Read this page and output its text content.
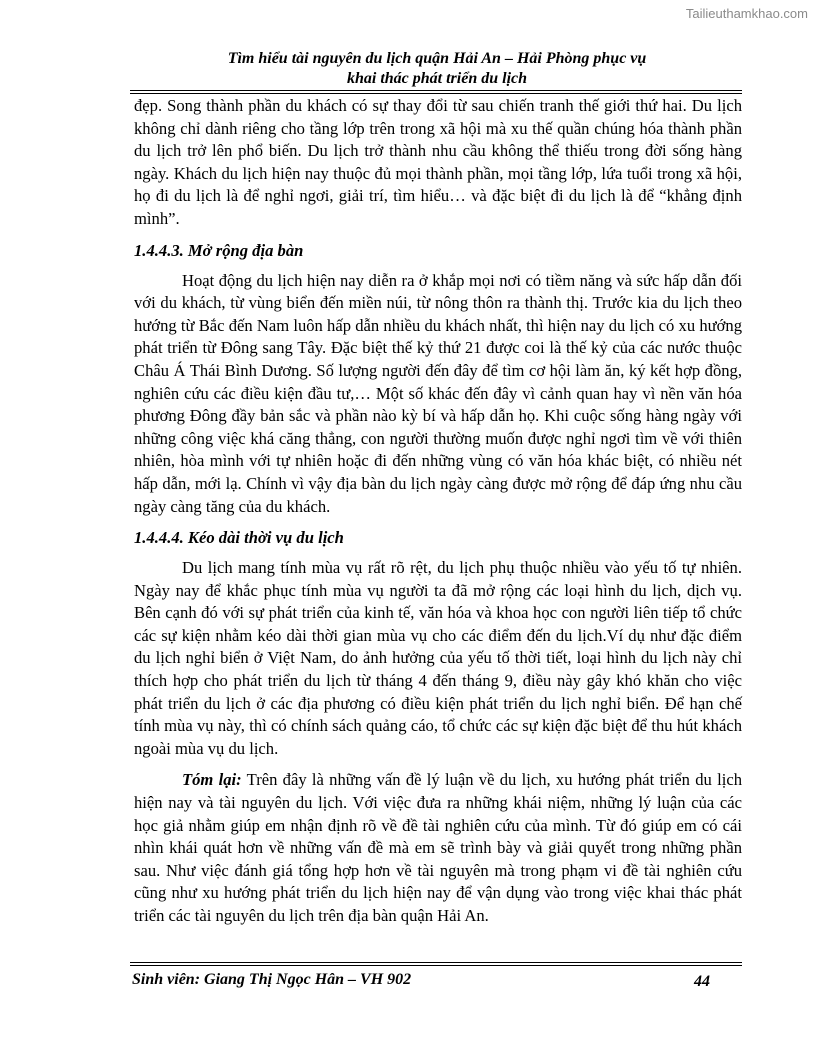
Tailieuthamkhao.com
Tìm hiểu tài nguyên du lịch quận Hải An – Hải Phòng phục vụ
khai thác phát triển du lịch

đẹp. Song thành phần du khách có sự thay đổi từ sau chiến tranh thế giới thứ hai. Du lịch không chỉ dành riêng cho tầng lớp trên trong xã hội mà xu thế quần chúng hóa thành phần du lịch trở lên phổ biến. Du lịch trở thành nhu cầu không thể thiếu trong đời sống hàng ngày. Khách du lịch hiện nay thuộc đủ mọi thành phần, mọi tầng lớp, lứa tuổi trong xã hội, họ đi du lịch là để nghỉ ngơi, giải trí, tìm hiểu… và đặc biệt đi du lịch là để “khẳng định mình”.

1.4.4.3. Mở rộng địa bàn

Hoạt động du lịch hiện nay diễn ra ở khắp mọi nơi có tiềm năng và sức hấp dẫn đối với du khách, từ vùng biển đến miền núi, từ nông thôn ra thành thị. Trước kia du lịch theo hướng từ Bắc đến Nam luôn hấp dẫn nhiều du khách nhất, thì hiện nay du lịch có xu hướng phát triển từ Đông sang Tây. Đặc biệt thế kỷ thứ 21 được coi là thế kỷ của các nước thuộc Châu Á Thái Bình Dương. Số lượng người đến đây để tìm cơ hội làm ăn, ký kết hợp đồng, nghiên cứu các điều kiện đầu tư,… Một số khác đến đây vì cảnh quan hay vì nền văn hóa phương Đông đầy bản sắc và phần nào kỳ bí và hấp dẫn họ. Khi cuộc sống hàng ngày với những công việc khá căng thẳng, con người thường muốn được nghỉ ngơi tìm về với thiên nhiên, hòa mình với tự nhiên hoặc đi đến những vùng có văn hóa khác biệt, có nhiều nét hấp dẫn, mới lạ. Chính vì vậy địa bàn du lịch ngày càng được mở rộng để đáp ứng nhu cầu ngày càng tăng của du khách.

1.4.4.4. Kéo dài thời vụ du lịch

Du lịch mang tính mùa vụ rất rõ rệt, du lịch phụ thuộc nhiều vào yếu tố tự nhiên. Ngày nay để khắc phục tính mùa vụ người ta đã mở rộng các loại hình du lịch, dịch vụ. Bên cạnh đó với sự phát triển của kinh tế, văn hóa và khoa học con người liên tiếp tổ chức các sự kiện nhằm kéo dài thời gian mùa vụ cho các điểm đến du lịch.Ví dụ như đặc điểm du lịch nghỉ biển ở Việt Nam, do ảnh hưởng của yếu tố thời tiết, loại hình du lịch này chỉ thích hợp cho phát triển du lịch từ tháng 4 đến tháng 9, điều này gây khó khăn cho việc phát triển du lịch ở các địa phương có điều kiện phát triển du lịch nghỉ biển. Để hạn chế tính mùa vụ này, thì có chính sách quảng cáo, tổ chức các sự kiện đặc biệt để thu hút khách ngoài mùa vụ du lịch.

Tóm lại: Trên đây là những vấn đề lý luận về du lịch, xu hướng phát triển du lịch hiện nay và tài nguyên du lịch. Với việc đưa ra những khái niệm, những lý luận của các học giả nhằm giúp em nhận định rõ về đề tài nghiên cứu của mình. Từ đó giúp em có cái nhìn khái quát hơn về những vấn đề mà em sẽ trình bày và giải quyết trong những phần sau. Như việc đánh giá tổng hợp hơn về tài nguyên mà trong phạm vi đề tài nghiên cứu cũng như xu hướng phát triển du lịch hiện nay để vận dụng vào trong việc khai thác phát triển các tài nguyên du lịch trên địa bàn quận Hải An.

Sinh viên: Giang Thị Ngọc Hân – VH 902	44
